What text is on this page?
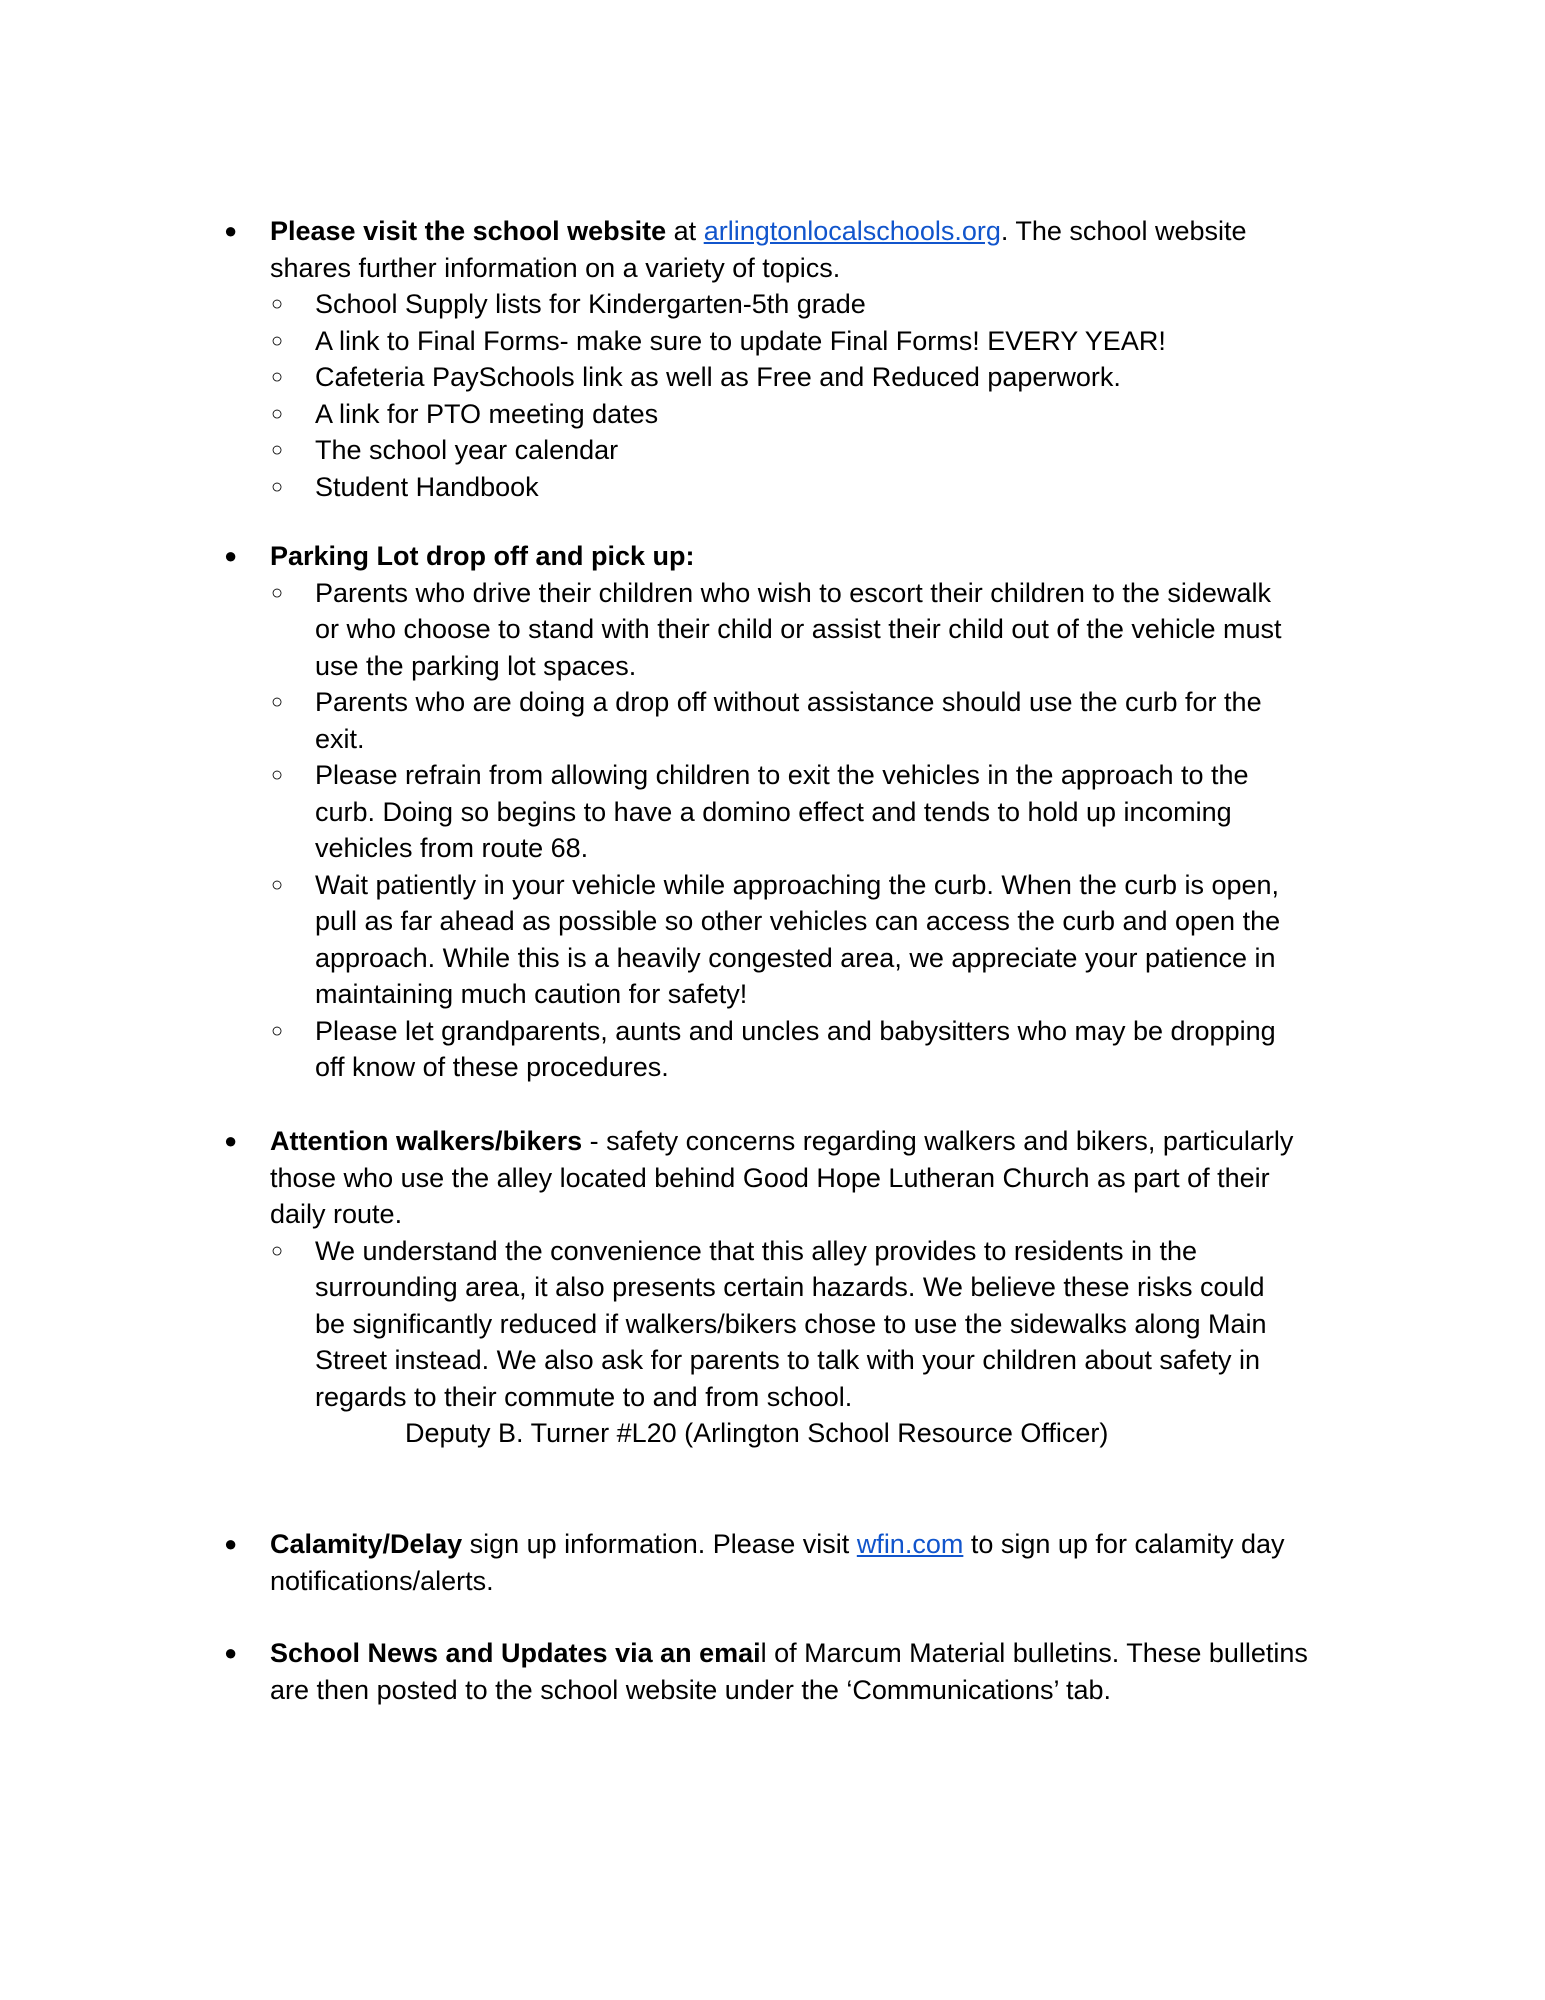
●	Please visit the school website at arlingtonlocalschools.org. The school website
shares further information on a variety of topics.
○ School Supply lists for Kindergarten-5th grade
○ A link to Final Forms- make sure to update Final Forms! EVERY YEAR!
○ Cafeteria PaySchools link as well as Free and Reduced paperwork.
○ A link for PTO meeting dates
○ The school year calendar
○ Student Handbook
●	Parking Lot drop off and pick up:
○ Parents who drive their children who wish to escort their children to the sidewalk
or who choose to stand with their child or assist their child out of the vehicle must
use the parking lot spaces.
○ Parents who are doing a drop off without assistance should use the curb for the
exit.
○ Please refrain from allowing children to exit the vehicles in the approach to the
curb. Doing so begins to have a domino effect and tends to hold up incoming
vehicles from route 68.
○ Wait patiently in your vehicle while approaching the curb. When the curb is open,
pull as far ahead as possible so other vehicles can access the curb and open the
approach. While this is a heavily congested area, we appreciate your patience in
maintaining much caution for safety!
○ Please let grandparents, aunts and uncles and babysitters who may be dropping
off know of these procedures.
●	Attention walkers/bikers - safety concerns regarding walkers and bikers, particularly
those who use the alley located behind Good Hope Lutheran Church as part of their
daily route.
○ We understand the convenience that this alley provides to residents in the
surrounding area, it also presents certain hazards. We believe these risks could
be significantly reduced if walkers/bikers chose to use the sidewalks along Main
Street instead. We also ask for parents to talk with your children about safety in
regards to their commute to and from school.
Deputy B. Turner #L20 (Arlington School Resource Officer)
●	Calamity/Delay sign up information. Please visit wfin.com to sign up for calamity day
notifications/alerts.
●	School News and Updates via an email of Marcum Material bulletins. These bulletins
are then posted to the school website under the ‘Communications’ tab.
